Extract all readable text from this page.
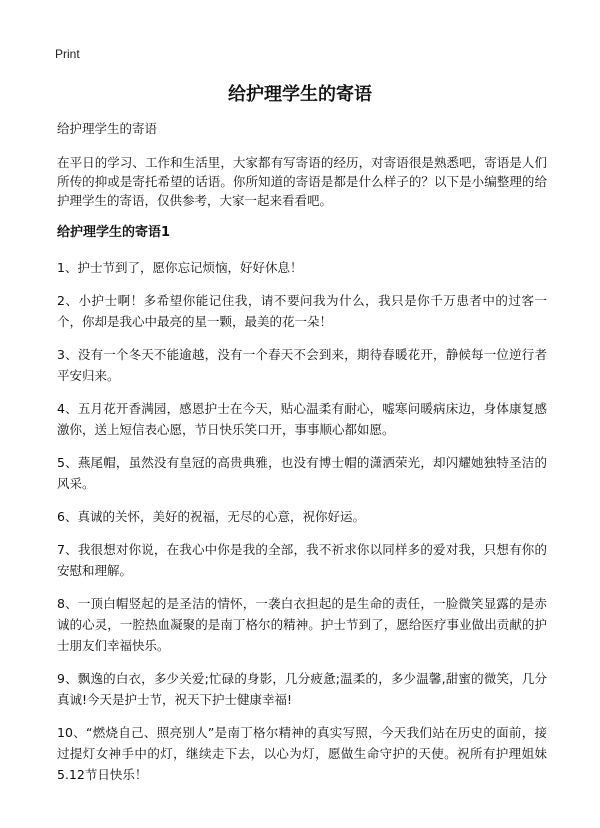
Print
给护理学生的寄语
给护理学生的寄语
在平日的学习、工作和生活里，大家都有写寄语的经历，对寄语很是熟悉吧，寄语是人们所传的抑或是寄托希望的话语。你所知道的寄语是都是什么样子的？以下是小编整理的给护理学生的寄语，仅供参考，大家一起来看看吧。
给护理学生的寄语1
1、护士节到了，愿你忘记烦恼，好好休息！
2、小护士啊！多希望你能记住我，请不要问我为什么，我只是你千万患者中的过客一个，你却是我心中最亮的星一颗，最美的花一朵！
3、没有一个冬天不能逾越，没有一个春天不会到来，期待春暖花开，静候每一位逆行者平安归来。
4、五月花开香满园，感恩护士在今天，贴心温柔有耐心，嘘寒问暖病床边，身体康复感激你，送上短信表心愿，节日快乐笑口开，事事顺心都如愿。
5、燕尾帽，虽然没有皇冠的高贵典雅，也没有博士帽的潇洒荣光，却闪耀她独特圣洁的风采。
6、真诚的关怀，美好的祝福，无尽的心意，祝你好运。
7、我很想对你说，在我心中你是我的全部，我不祈求你以同样多的爱对我，只想有你的安慰和理解。
8、一顶白帽竖起的是圣洁的情怀，一袭白衣担起的是生命的责任，一脸微笑显露的是赤诚的心灵，一腔热血凝聚的是南丁格尔的精神。护士节到了，愿给医疗事业做出贡献的护士朋友们幸福快乐。
9、飘逸的白衣，多少关爱;忙碌的身影，几分疲惫;温柔的，多少温馨,甜蜜的微笑，几分真诚!今天是护士节，祝天下护士健康幸福!
10、“燃烧自己、照亮别人”是南丁格尔精神的真实写照，今天我们站在历史的面前，接过提灯女神手中的灯，继续走下去，以心为灯，愿做生命守护的天使。祝所有护理姐妹5.12节日快乐！
